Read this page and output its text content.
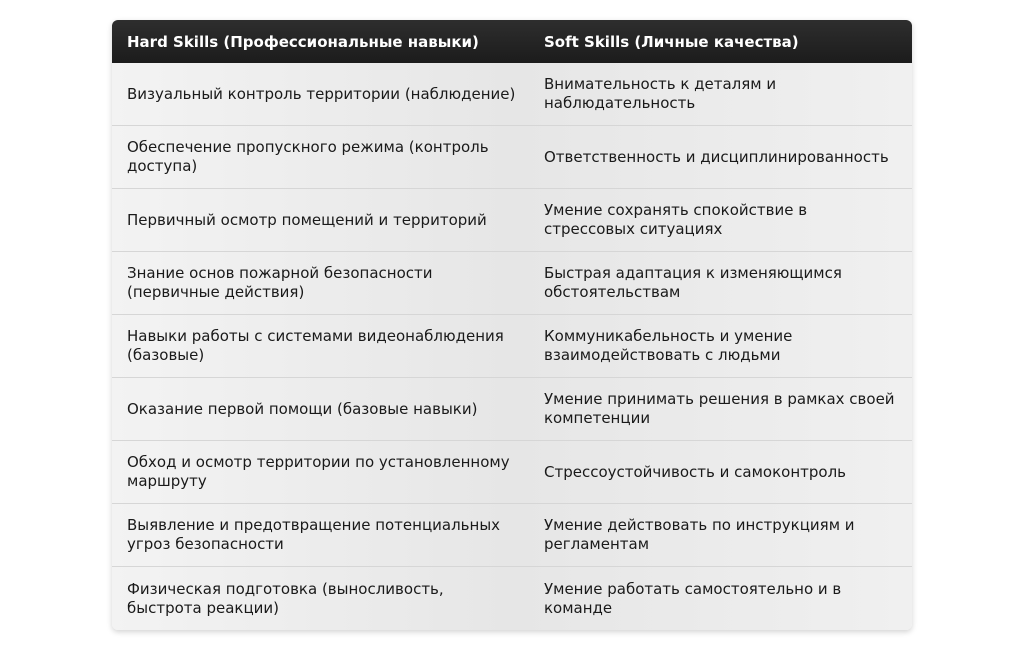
Hard Skills (Профессиональные навыки)	Soft Skills (Личные качества)
Визуальный контроль территории (наблюдение)
Внимательность к деталям и наблюдательность
Обеспечение пропускного режима (контроль доступа)
Ответственность и дисциплинированность
Первичный осмотр помещений и территорий
Умение сохранять спокойствие в стрессовых ситуациях
Знание основ пожарной безопасности (первичные действия)
Быстрая адаптация к изменяющимся обстоятельствам
Навыки работы с системами видеонаблюдения (базовые)
Коммуникабельность и умение взаимодействовать с людьми
Оказание первой помощи (базовые навыки)
Умение принимать решения в рамках своей компетенции
Обход и осмотр территории по установленному маршруту
Стрессоустойчивость и самоконтроль
Выявление и предотвращение потенциальных угроз безопасности
Умение действовать по инструкциям и регламентам
Физическая подготовка (выносливость, быстрота реакции)
Умение работать самостоятельно и в команде
